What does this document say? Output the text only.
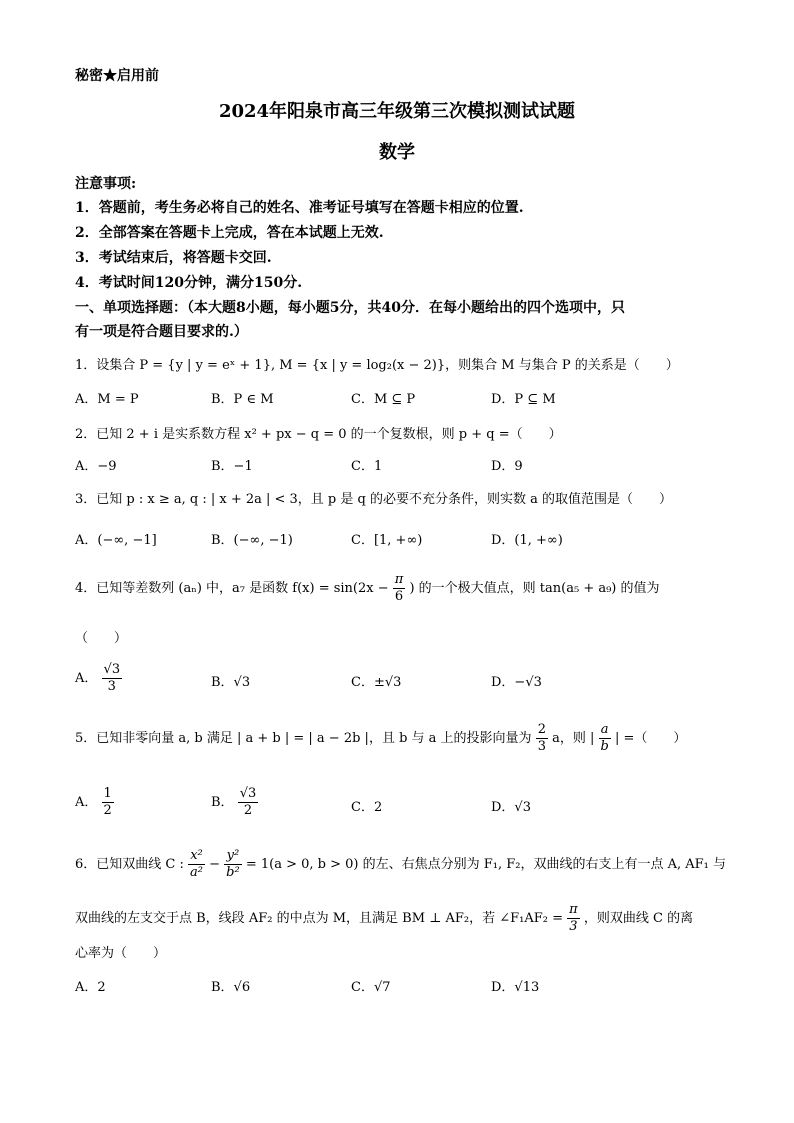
秘密★启用前
2024年阳泉市高三年级第三次模拟测试试题
数学
注意事项:
1．答题前，考生务必将自己的姓名、准考证号填写在答题卡相应的位置.
2．全部答案在答题卡上完成，答在本试题上无效.
3．考试结束后，将答题卡交回.
4．考试时间120分钟，满分150分.
一、单项选择题：（本大题8小题，每小题5分，共40分．在每小题给出的四个选项中，只
有一项是符合题目要求的.）
1．设集合 P = {y | y = eˣ + 1}, M = {x | y = log₂(x − 2)}，则集合 M 与集合 P 的关系是（　　）
A．M = P	B．P ∈ M	C．M ⊆ P	D．P ⊆ M
2．已知 2 + i 是实系数方程 x² + px − q = 0 的一个复数根，则 p + q =（　　）
A．−9	B．−1	C．1	D．9
3．已知 p : x ≥ a, q : | x + 2a | < 3，且 p 是 q 的必要不充分条件，则实数 a 的取值范围是（　　）
A．(−∞, −1]	B．(−∞, −1)	C．[1, +∞)	D．(1, +∞)
4．已知等差数列 (aₙ) 中，a₇ 是函数 $f(x) = \sin(2x - \frac{\pi}{6}$ ) 的一个极大值点，则 tan(a₅ + a₉) 的值为
（　　）
A． $\frac{√3}{3}$	B．√3	C．±√3	D．−√3
5．已知非零向量 a, b 满足 | a + b | = | a − 2b |，且 b 与 a 上的投影向量为 $\frac{2}{3}$ a，则 | $\frac{a}{b}$ | =（　　）
A． $\frac{1}{2}$	B． $\frac{√3}{2}$	C．2	D．√3
6．已知双曲线 C : $\frac{\text{x²}}{\text{a²}} - \frac{\text{y²}}{\text{b²}} = 1(a > 0$, b > 0) 的左、右焦点分别为 F₁, F₂，双曲线的右支上有一点 A, AF₁ 与
双曲线的左支交于点 B，线段 AF₂ 的中点为 M，且满足 BM ⊥ AF₂，若 ∠F₁AF₂ = $\frac{\pi}{3}$ ，则双曲线 C 的离
心率为（　　）
A．2	B．√6	C．√7	D．√13
